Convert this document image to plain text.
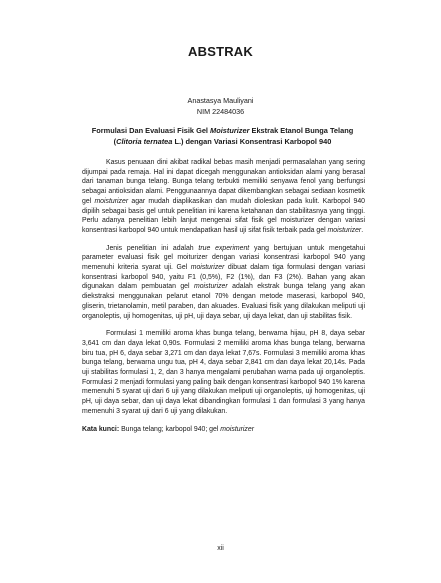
ABSTRAK
Anastasya Mauliyani
NIM 22484036
Formulasi Dan Evaluasi Fisik Gel Moisturizer Ekstrak Etanol Bunga Telang
(Clitoria ternatea L.) dengan Variasi Konsentrasi Karbopol 940

Kasus penuaan dini akibat radikal bebas masih menjadi permasalahan yang sering dijumpai pada remaja. Hal ini dapat dicegah menggunakan antioksidan alami yang berasal dari tanaman bunga telang. Bunga telang terbukti memiliki senyawa fenol yang berfungsi sebagai antioksidan alami. Penggunaannya dapat dikembangkan sebagai sediaan kosmetik gel moisturizer agar mudah diaplikasikan dan mudah dioleskan pada kulit. Karbopol 940 dipilih sebagai basis gel untuk penelitian ini karena ketahanan dan stabilitasnya yang tinggi. Perlu adanya penelitian lebih lanjut mengenai sifat fisik gel moisturizer dengan variasi konsentrasi karbopol 940 untuk mendapatkan hasil uji sifat fisik terbaik pada gel moisturizer.

Jenis penelitian ini adalah true experiment yang bertujuan untuk mengetahui parameter evaluasi fisik gel moiturizer dengan variasi konsentrasi karbopol 940 yang memenuhi kriteria syarat uji. Gel moisturizer dibuat dalam tiga formulasi dengan variasi konsentrasi karbopol 940, yaitu F1 (0,5%), F2 (1%), dan F3 (2%). Bahan yang akan digunakan dalam pembuatan gel moisturizer adalah ekstrak bunga telang yang akan diekstraksi menggunakan pelarut etanol 70% dengan metode maserasi, karbopol 940, gliserin, trietanolamin, metil paraben, dan akuades. Evaluasi fisik yang dilakukan meliputi uji organoleptis, uji homogenitas, uji pH, uji daya sebar, uji daya lekat, dan uji stabilitas fisik.

Formulasi 1 memiliki aroma khas bunga telang, berwarna hijau, pH 8, daya sebar 3,641 cm dan daya lekat 0,90s. Formulasi 2 memiliki aroma khas bunga telang, berwarna biru tua, pH 6, daya sebar 3,271 cm dan daya lekat 7,67s. Formulasi 3 memiliki aroma khas bunga telang, berwarna ungu tua, pH 4, daya sebar 2,841 cm dan daya lekat 20,14s. Pada uji stabilitas formulasi 1, 2, dan 3 hanya mengalami perubahan warna pada uji organoleptis. Formulasi 2 menjadi formulasi yang paling baik dengan konsentrasi karbopol 940 1% karena memenuhi 5 syarat uji dari 6 uji yang dilakukan meliputi uji organoleptis, uji homogenitas, uji pH, uji daya sebar, dan uji daya lekat dibandingkan formulasi 1 dan formulasi 3 yang hanya memenuhi 3 syarat uji dari 6 uji yang dilakukan.

Kata kunci: Bunga telang; karbopol 940; gel moisturizer
xii
